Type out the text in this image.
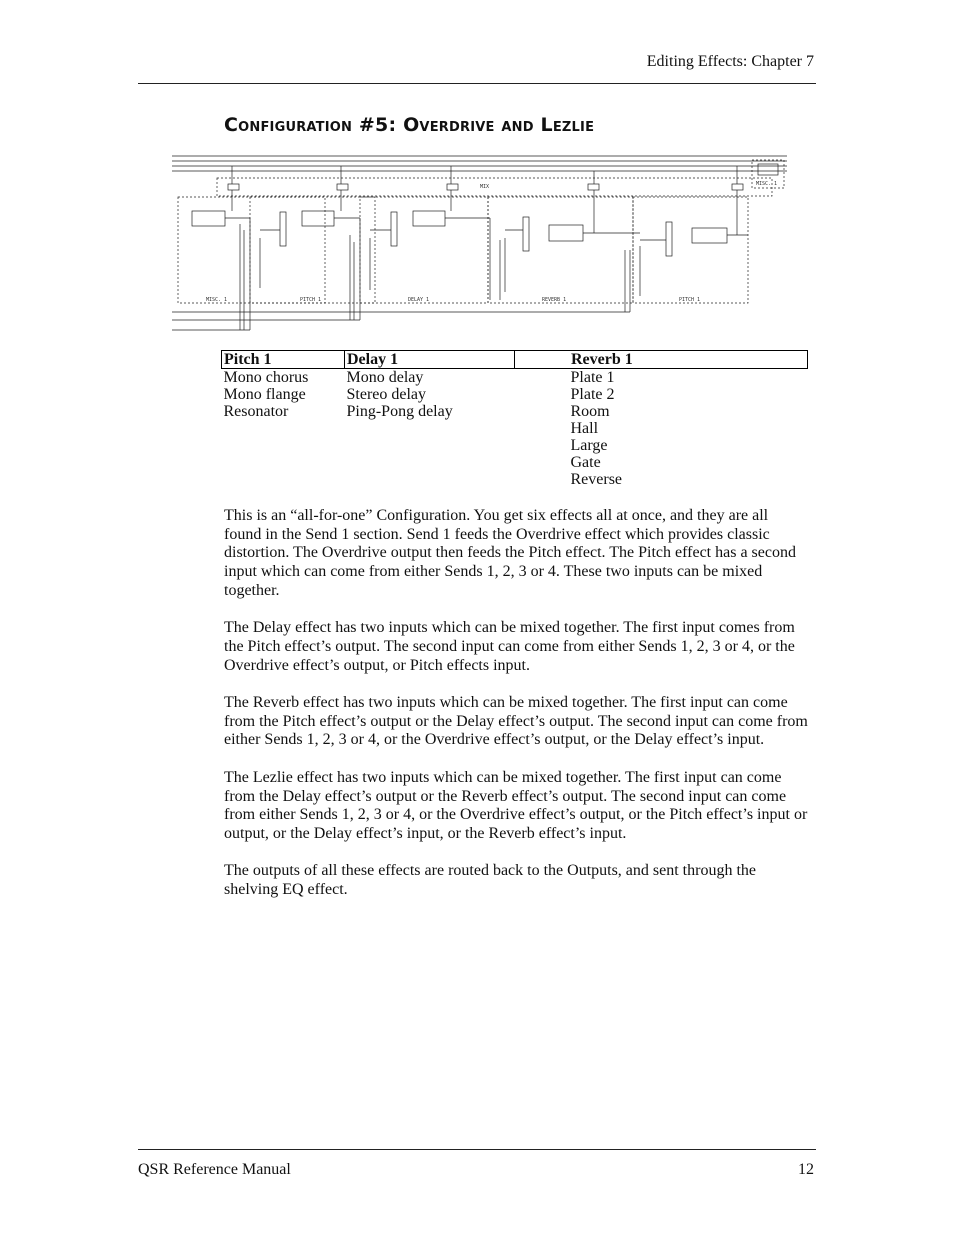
Editing Effects: Chapter 7
Configuration #5: Overdrive and Lezlie
MIX	MISC. 1
MISC. 1	PITCH 1	DELAY 1	REVERB 1	PITCH 1
Pitch 1	Delay 1	Reverb 1
Mono chorus	Mono delay	Plate 1
Mono flange	Stereo delay	Plate 2
Resonator	Ping-Pong delay	Room
		Hall
		Large
		Gate
		Reverse

This is an “all-for-one” Configuration. You get six effects all at once, and they are all found in the Send 1 section. Send 1 feeds the Overdrive effect which provides classic distortion. The Overdrive output then feeds the Pitch effect. The Pitch effect has a second input which can come from either Sends 1, 2, 3 or 4. These two inputs can be mixed together.

The Delay effect has two inputs which can be mixed together. The first input comes from the Pitch effect’s output. The second input can come from either Sends 1, 2, 3 or 4, or the Overdrive effect’s output, or Pitch effects input.

The Reverb effect has two inputs which can be mixed together. The first input can come from the Pitch effect’s output or the Delay effect’s output. The second input can come from either Sends 1, 2, 3 or 4, or the Overdrive effect’s output, or the Delay effect’s input.

The Lezlie effect has two inputs which can be mixed together. The first input can come from the Delay effect’s output or the Reverb effect’s output. The second input can come from either Sends 1, 2, 3 or 4, or the Overdrive effect’s output, or the Pitch effect’s input or output, or the Delay effect’s input, or the Reverb effect’s input.

The outputs of all these effects are routed back to the Outputs, and sent through the shelving EQ effect.

QSR Reference Manual	12
